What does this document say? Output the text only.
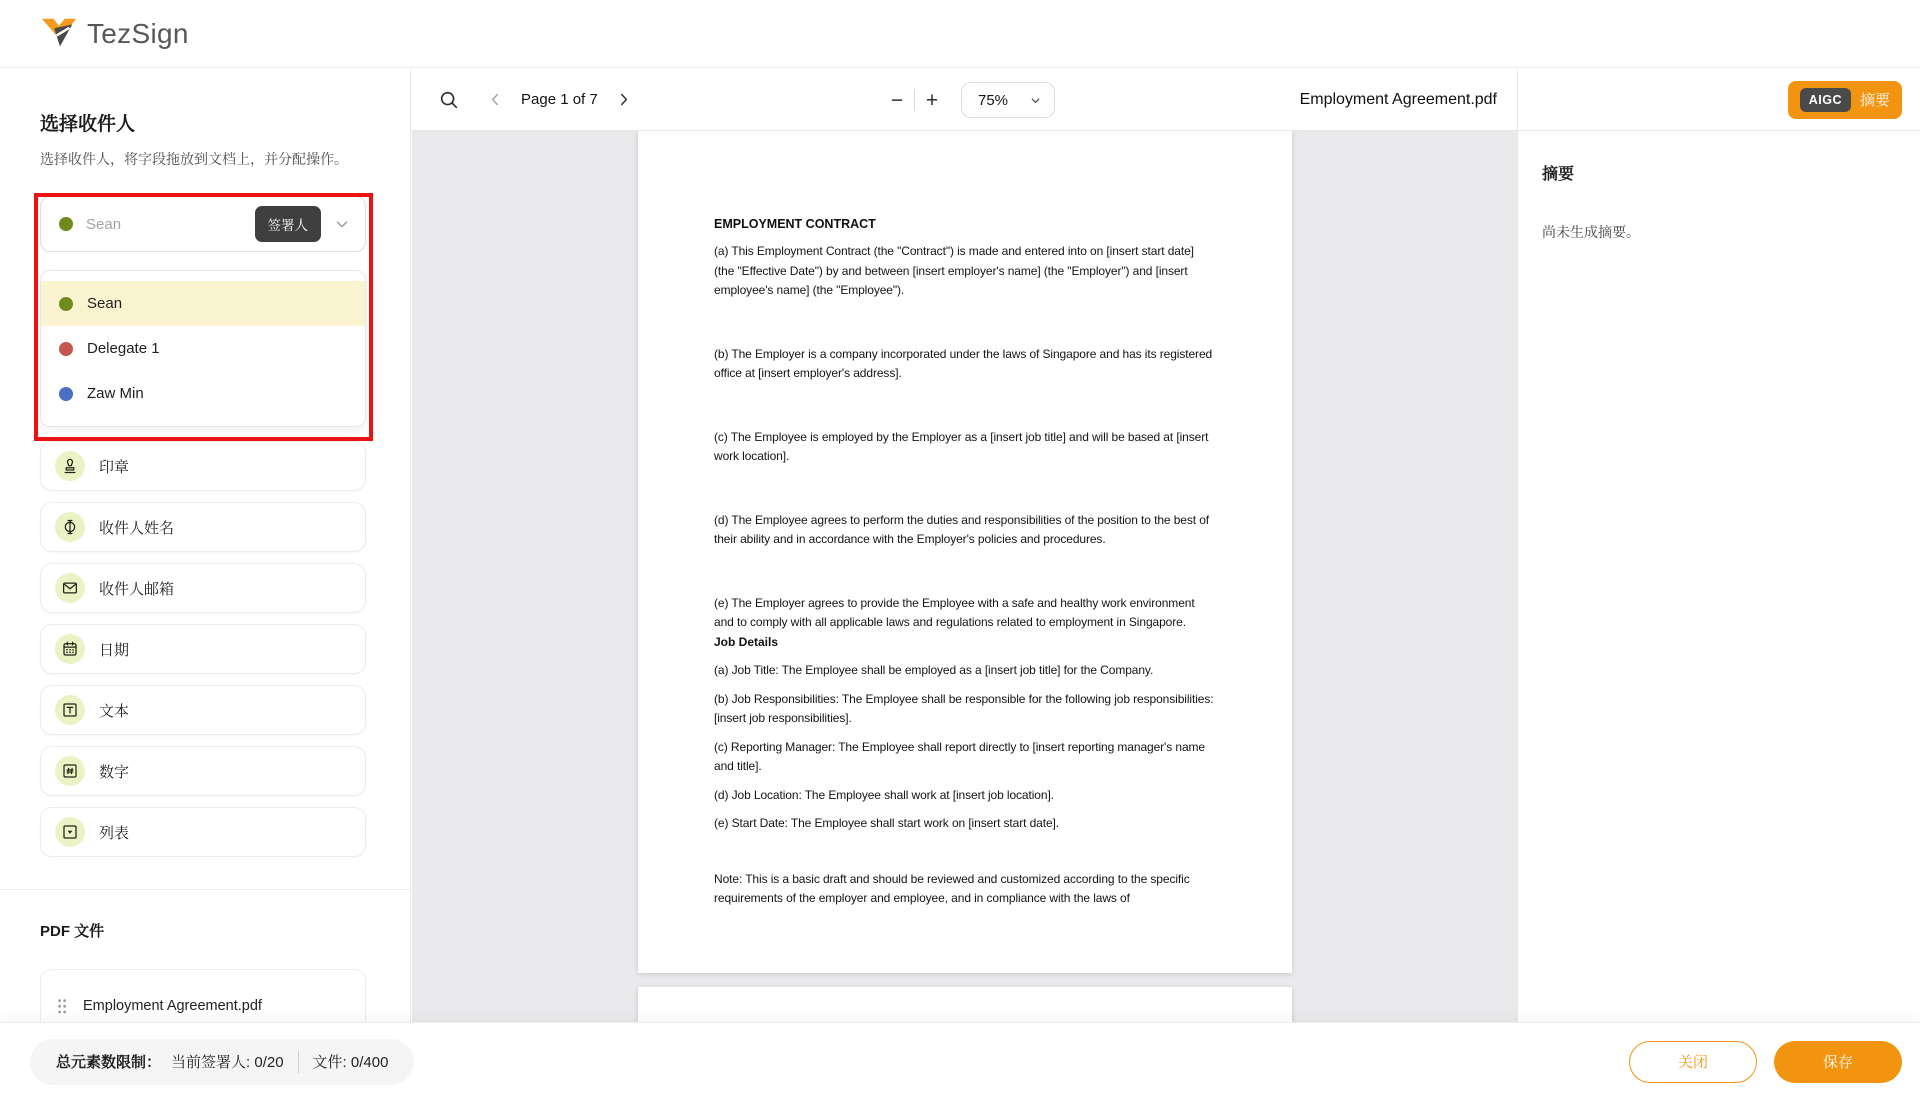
TezSign
选择收件人
选择收件人，将字段拖放到文档上，并分配操作。
Sean	签署人
Sean
Delegate 1
Zaw Min
印章
收件人姓名
收件人邮箱
日期
文本
数字
列表
PDF 文件
Employment Agreement.pdf
Page 1 of 7	−	+	75%	Employment Agreement.pdf

EMPLOYMENT CONTRACT

(a) This Employment Contract (the "Contract") is made and entered into on [insert start date] (the "Effective Date") by and between [insert employer's name] (the "Employer") and [insert employee's name] (the "Employee").

(b) The Employer is a company incorporated under the laws of Singapore and has its registered office at [insert employer's address].

(c) The Employee is employed by the Employer as a [insert job title] and will be based at [insert work location].

(d) The Employee agrees to perform the duties and responsibilities of the position to the best of their ability and in accordance with the Employer's policies and procedures.

(e) The Employer agrees to provide the Employee with a safe and healthy work environment and to comply with all applicable laws and regulations related to employment in Singapore.

Job Details

(a) Job Title: The Employee shall be employed as a [insert job title] for the Company.

(b) Job Responsibilities: The Employee shall be responsible for the following job responsibilities: [insert job responsibilities].

(c) Reporting Manager: The Employee shall report directly to [insert reporting manager's name and title].

(d) Job Location: The Employee shall work at [insert job location].

(e) Start Date: The Employee shall start work on [insert start date].

Note: This is a basic draft and should be reviewed and customized according to the specific requirements of the employer and employee, and in compliance with the laws of

AIGC	摘要
摘要
尚未生成摘要。
总元素数限制： 当前签署人: 0/20 文件: 0/400	关闭	保存
